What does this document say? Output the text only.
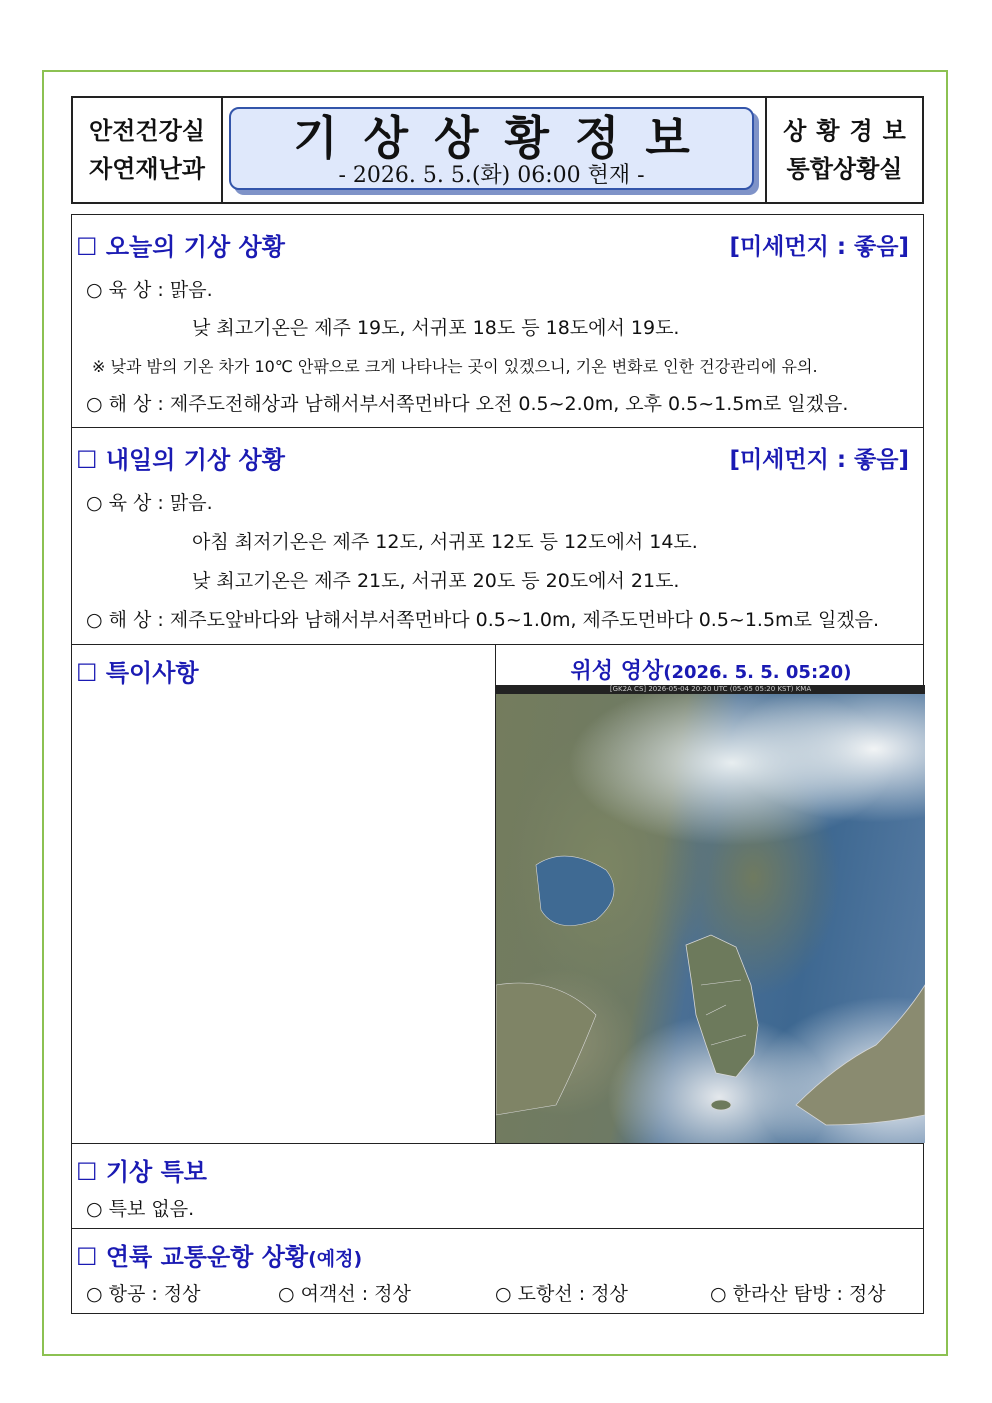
안전건강실
자연재난과
기상상황정보
- 2026. 5. 5.(화) 06:00 현재 -
상황경보
통합상황실
☐ 오늘의 기상 상황	[미세먼지 : 좋음]
○ 육 상 : 맑음.
낮 최고기온은 제주 19도, 서귀포 18도 등 18도에서 19도.
※ 낮과 밤의 기온 차가 10℃ 안팎으로 크게 나타나는 곳이 있겠으니, 기온 변화로 인한 건강관리에 유의.
○ 해 상 : 제주도전해상과 남해서부서쪽먼바다 오전 0.5~2.0m, 오후 0.5~1.5m로 일겠음.
☐ 내일의 기상 상황	[미세먼지 : 좋음]
○ 육 상 : 맑음.
아침 최저기온은 제주 12도, 서귀포 12도 등 12도에서 14도.
낮 최고기온은 제주 21도, 서귀포 20도 등 20도에서 21도.
○ 해 상 : 제주도앞바다와 남해서부서쪽먼바다 0.5~1.0m, 제주도먼바다 0.5~1.5m로 일겠음.
☐ 특이사항	위성 영상(2026. 5. 5. 05:20)
[GK2A CS] 2026-05-04 20:20 UTC (05-05 05:20 KST) KMA
☐ 기상 특보
○ 특보 없음.
☐ 연륙 교통운항 상황(예정)
○ 항공 : 정상	○ 여객선 : 정상	○ 도항선 : 정상	○ 한라산 탐방 : 정상
